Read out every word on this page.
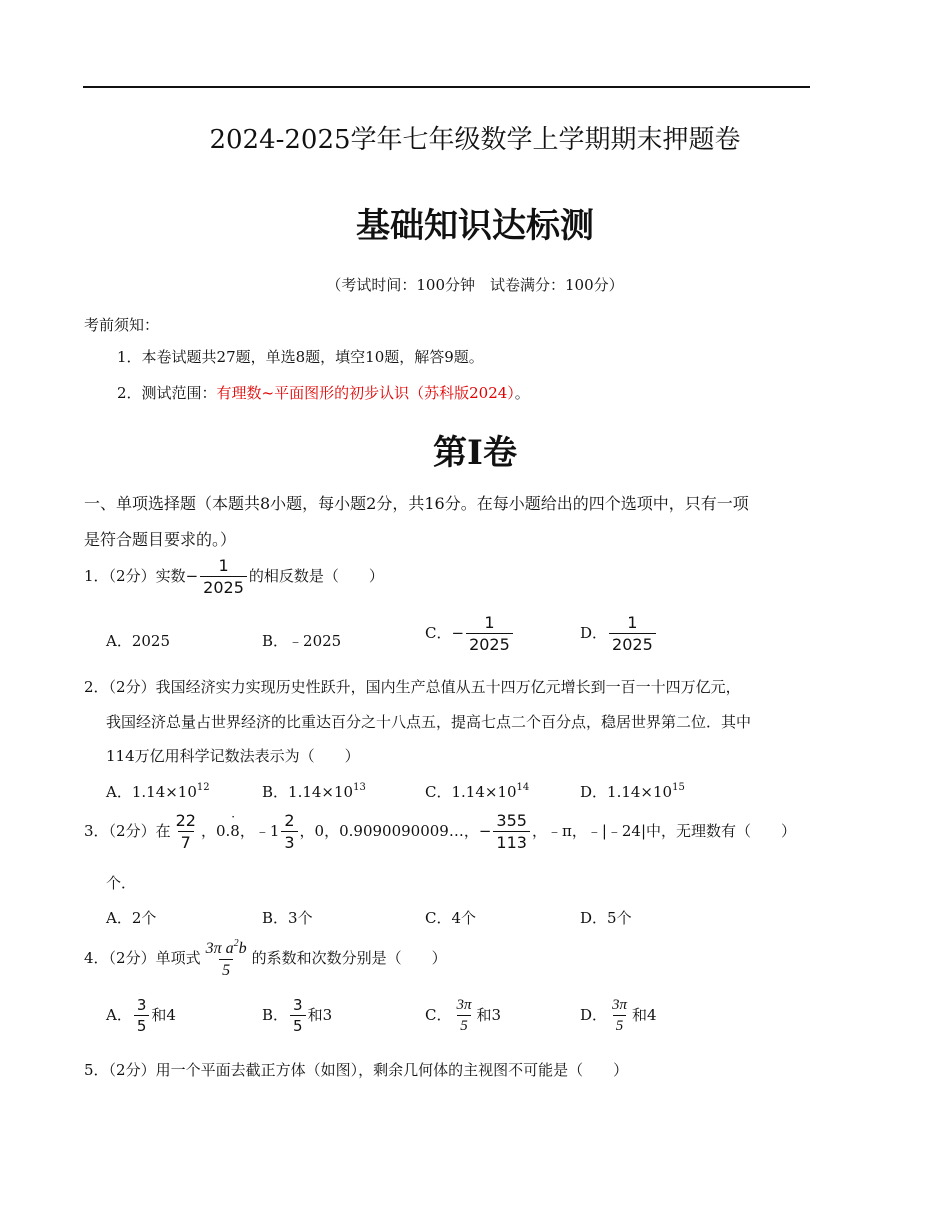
2024-2025学年七年级数学上学期期末押题卷
基础知识达标测
（考试时间：100分钟　试卷满分：100分）
考前须知：
1．本卷试题共27题，单选8题，填空10题，解答9题。
2．测试范围：有理数~平面图形的初步认识（苏科版2024）。
第Ⅰ卷
一、单项选择题（本题共8小题，每小题2分，共16分。在每小题给出的四个选项中，只有一项
是符合题目要求的。）
1．（2分）实数− $\frac{1}{2025}$ 的相反数是（　　）
A．2025	B．﹣2025	C．− $\frac{1}{2025}$	D． $\frac{1}{2025}$
2．（2分）我国经济实力实现历史性跃升，国内生产总值从五十四万亿元增长到一百一十四万亿元，
我国经济总量占世界经济的比重达百分之十八点五，提高七点二个百分点，稳居世界第二位．其中
114万亿用科学记数法表示为（　　）
A．$1.14\times 10^{12}$	B．$1.14\times 10^{13}$	C．$1.14\times 10^{14}$	D．$1.14\times 10^{15}$
3．（2分）在 $\frac{22}{7}$ ，0.8 ·，﹣1 $\frac{2}{3}$ ，0，0.9090090009…，− $\frac{355}{113}$ ，﹣π，﹣|﹣24|中，无理数有（　　）
个．
A．2个	B．3个	C．4个	D．5个
4．（2分）单项式 $\frac{3\pi a^2b}{5}$ 的系数和次数分别是（　　）
A． $\frac{3}{5}$ 和4	B． $\frac{3}{5}$ 和3	C． $\frac{3\pi}{5}$ 和3	D． $\frac{3\pi}{5}$ 和4
5．（2分）用一个平面去截正方体（如图），剩余几何体的主视图不可能是（　　）
